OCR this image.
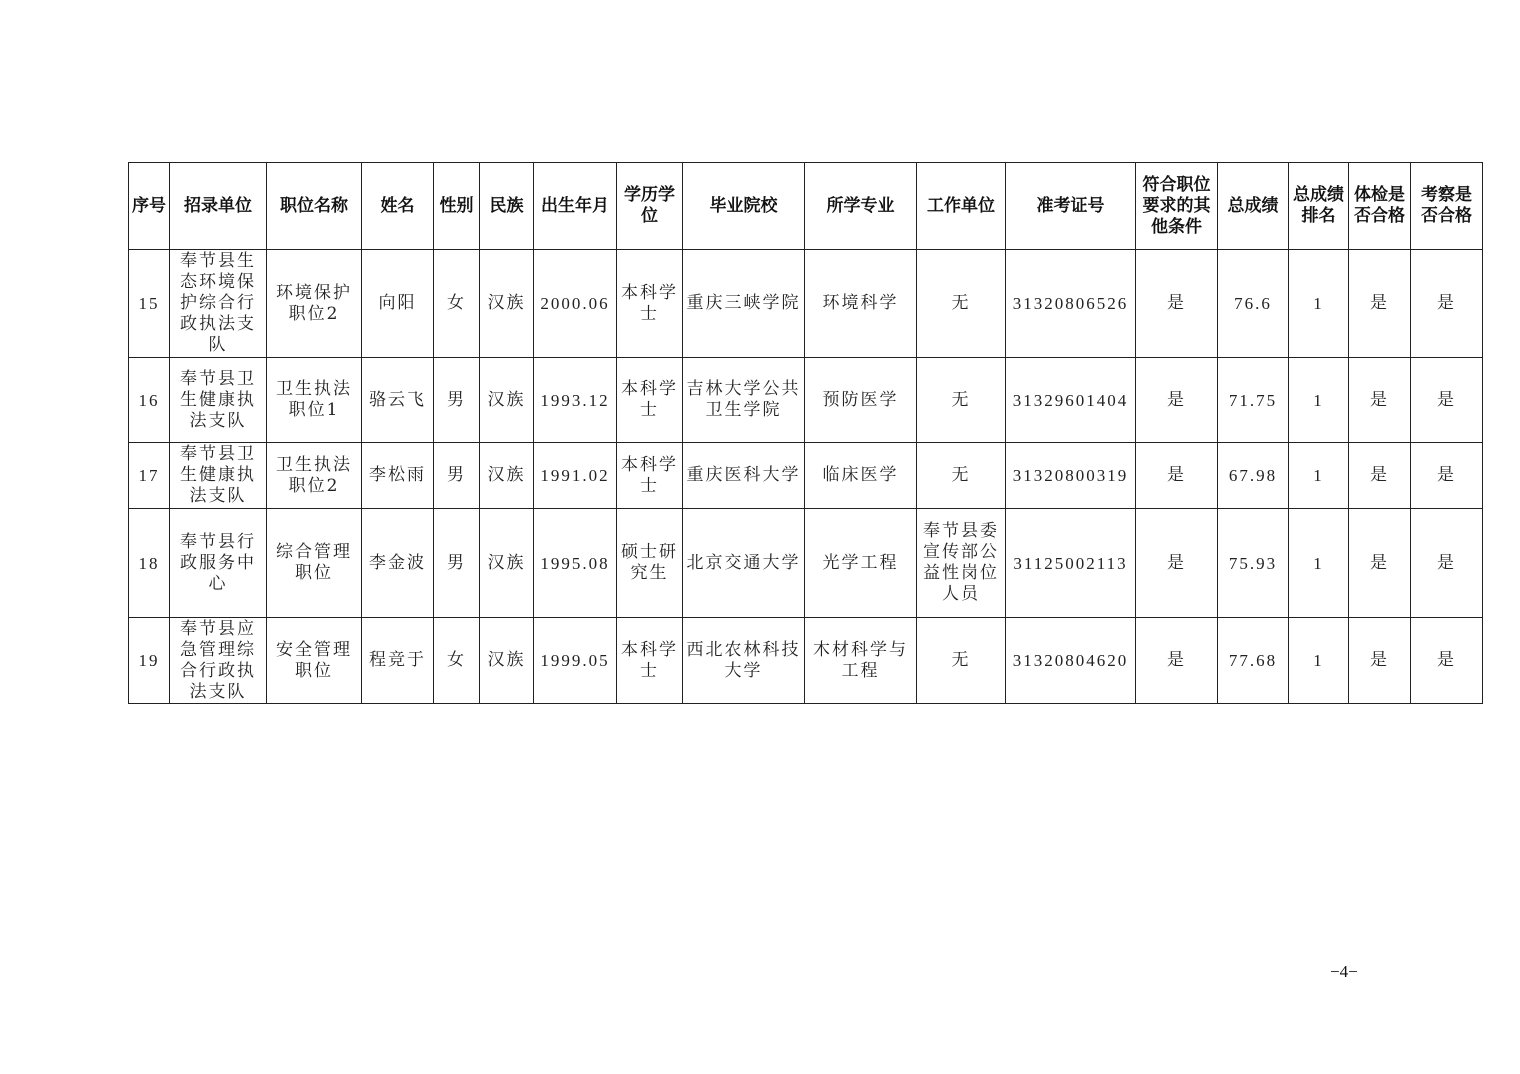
序号	招录单位	职位名称	姓名	性别	民族	出生年月	学历学位	毕业院校	所学专业	工作单位	准考证号	符合职位要求的其他条件	总成绩	总成绩排名	体检是否合格	考察是否合格
15	奉节县生态环境保护综合行政执法支队	环境保护职位2	向阳	女	汉族	2000.06	本科学士	重庆三峡学院	环境科学	无	31320806526	是	76.6	1	是	是
16	奉节县卫生健康执法支队	卫生执法职位1	骆云飞	男	汉族	1993.12	本科学士	吉林大学公共卫生学院	预防医学	无	31329601404	是	71.75	1	是	是
17	奉节县卫生健康执法支队	卫生执法职位2	李松雨	男	汉族	1991.02	本科学士	重庆医科大学	临床医学	无	31320800319	是	67.98	1	是	是
18	奉节县行政服务中心	综合管理职位	李金波	男	汉族	1995.08	硕士研究生	北京交通大学	光学工程	奉节县委宣传部公益性岗位人员	31125002113	是	75.93	1	是	是
19	奉节县应急管理综合行政执法支队	安全管理职位	程竞于	女	汉族	1999.05	本科学士	西北农林科技大学	木材科学与工程	无	31320804620	是	77.68	1	是	是
−4−
